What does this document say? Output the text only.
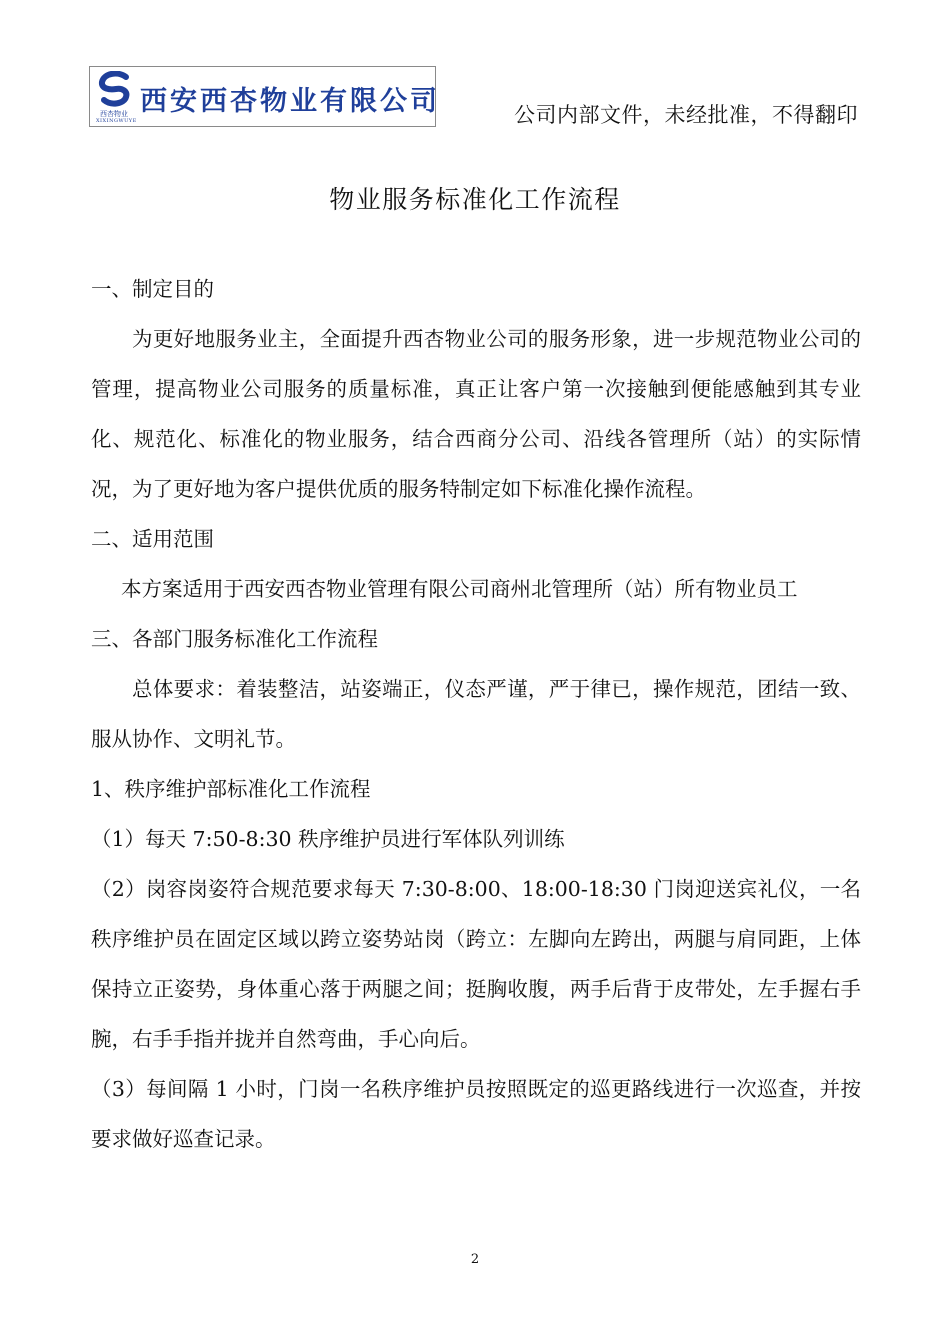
西安西杏物业有限公司
西杏物业
XIXINGWUYE	公司内部文件，未经批准，不得翻印
物业服务标准化工作流程

一、制定目的

为更好地服务业主，全面提升西杏物业公司的服务形象，进一步规范物业公司的管理，提高物业公司服务的质量标准，真正让客户第一次接触到便能感触到其专业化、规范化、标准化的物业服务，结合西商分公司、沿线各管理所（站）的实际情况，为了更好地为客户提供优质的服务特制定如下标准化操作流程。

二、适用范围

本方案适用于西安西杏物业管理有限公司商州北管理所（站）所有物业员工

三、各部门服务标准化工作流程

总体要求：着装整洁，站姿端正，仪态严谨，严于律已，操作规范，团结一致、服从协作、文明礼节。

1、秩序维护部标准化工作流程

（1）每天 7:50-8:30 秩序维护员进行军体队列训练

（2）岗容岗姿符合规范要求每天 7:30-8:00、18:00-18:30 门岗迎送宾礼仪，一名秩序维护员在固定区域以跨立姿势站岗（跨立：左脚向左跨出，两腿与肩同距，上体保持立正姿势，身体重心落于两腿之间；挺胸收腹，两手后背于皮带处，左手握右手腕，右手手指并拢并自然弯曲，手心向后。

（3）每间隔 1 小时，门岗一名秩序维护员按照既定的巡更路线进行一次巡查，并按要求做好巡查记录。

2
